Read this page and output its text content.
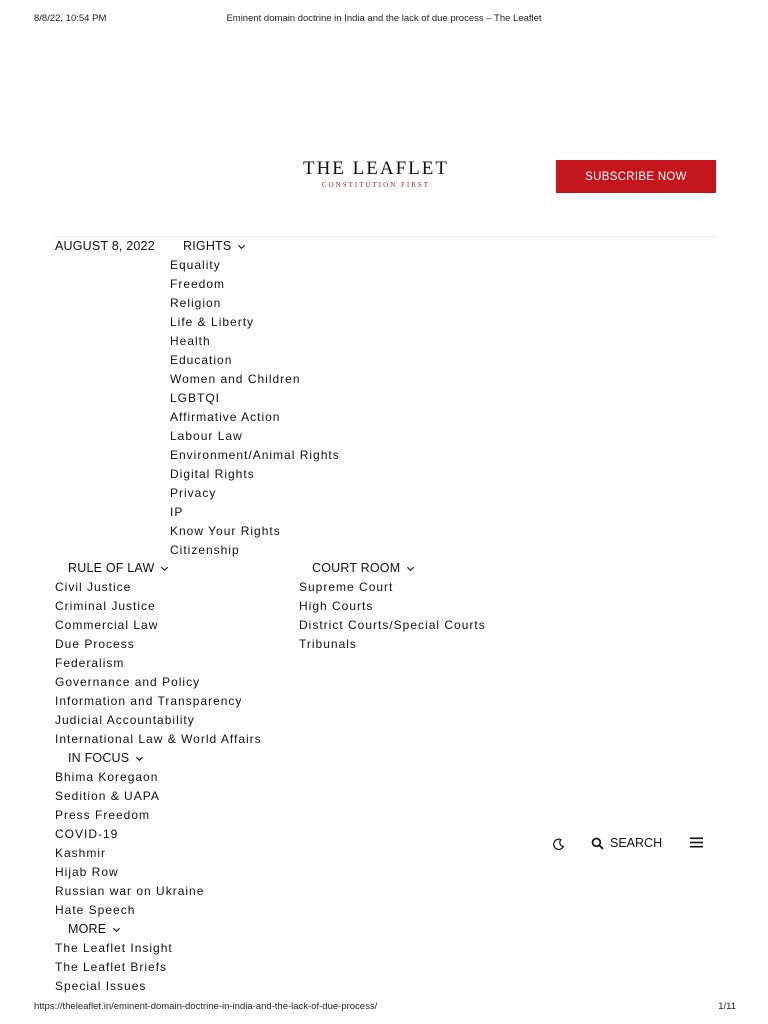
8/8/22, 10:54 PM	Eminent domain doctrine in India and the lack of due process – The Leaflet
THE LEAFLET
CONSTITUTION FIRST
SUBSCRIBE NOW
AUGUST 8, 2022 RIGHTS
Equality
Freedom
Religion
Life & Liberty
Health
Education
Women and Children
LGBTQI
Affirmative Action
Labour Law
Environment/Animal Rights
Digital Rights
Privacy
IP
Know Your Rights
Citizenship
RULE OF LAW
Civil Justice
Criminal Justice
Commercial Law
Due Process
Federalism
Governance and Policy
Information and Transparency
Judicial Accountability
International Law & World Affairs
COURT ROOM
Supreme Court
High Courts
District Courts/Special Courts
Tribunals
IN FOCUS
Bhima Koregaon
Sedition & UAPA
Press Freedom
COVID-19
Kashmir
Hijab Row
Russian war on Ukraine
Hate Speech
MORE
The Leaflet Insight
The Leaflet Briefs
Special Issues
SEARCH
https://theleaflet.in/eminent-domain-doctrine-in-india-and-the-lack-of-due-process/	1/11
